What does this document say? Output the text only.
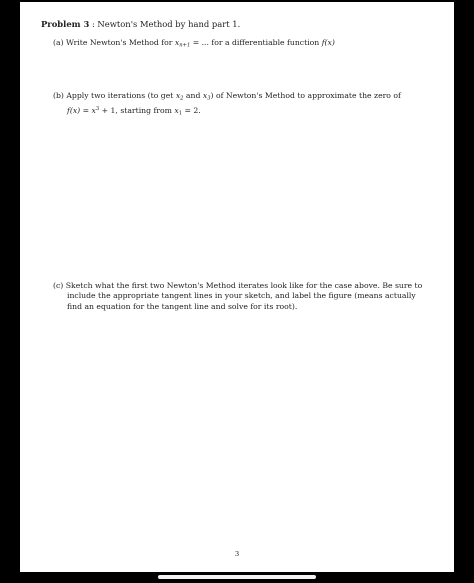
Problem 3 : Newton's Method by hand part 1.
(a) Write Newton's Method for $x_{n+1}$ = ... for a differentiable function f(x)
(b) Apply two iterations (to get $x_2$ and $x_3$) of Newton's Method to approximate the zero of
$f(x) = x^3 + 1$, starting from $x_1 = 2$.
(c) Sketch what the first two Newton's Method iterates look like for the case above. Be sure to
include the appropriate tangent lines in your sketch, and label the figure (means actually
find an equation for the tangent line and solve for its root).
3
